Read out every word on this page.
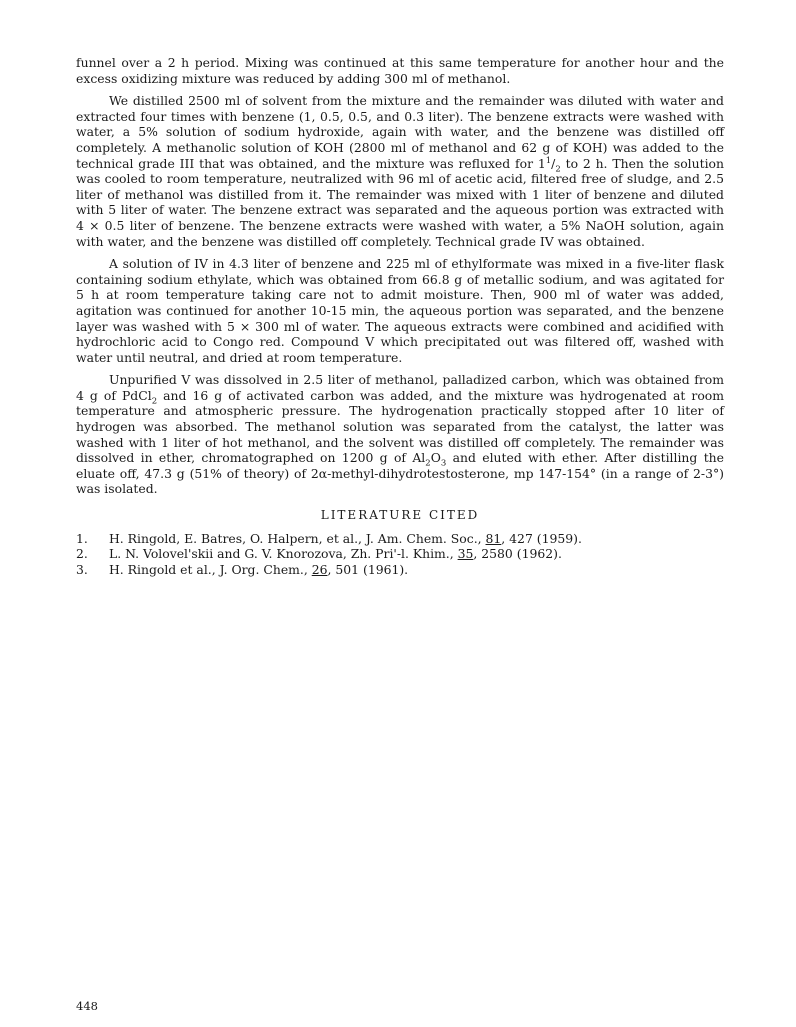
funnel over a 2 h period. Mixing was continued at this same temperature for another hour and the excess oxidizing mixture was reduced by adding 300 ml of methanol.

We distilled 2500 ml of solvent from the mixture and the remainder was diluted with water and extracted four times with benzene (1, 0.5, 0.5, and 0.3 liter). The benzene extracts were washed with water, a 5% solution of sodium hydroxide, again with water, and the benzene was distilled off completely. A methanolic solution of KOH (2800 ml of methanol and 62 g of KOH) was added to the technical grade III that was obtained, and the mixture was refluxed for $1^1/_2$ to 2 h. Then the solution was cooled to room temperature, neutralized with 96 ml of acetic acid, filtered free of sludge, and 2.5 liter of methanol was distilled from it. The remainder was mixed with 1 liter of benzene and diluted with 5 liter of water. The benzene extract was separated and the aqueous portion was extracted with 4 × 0.5 liter of benzene. The benzene extracts were washed with water, a 5% NaOH solution, again with water, and the benzene was distilled off completely. Technical grade IV was obtained.

A solution of IV in 4.3 liter of benzene and 225 ml of ethylformate was mixed in a five-liter flask containing sodium ethylate, which was obtained from 66.8 g of metallic sodium, and was agitated for 5 h at room temperature taking care not to admit moisture. Then, 900 ml of water was added, agitation was continued for another 10-15 min, the aqueous portion was separated, and the benzene layer was washed with 5 × 300 ml of water. The aqueous extracts were combined and acidified with hydrochloric acid to Congo red. Compound V which precipitated out was filtered off, washed with water until neutral, and dried at room temperature.

Unpurified V was dissolved in 2.5 liter of methanol, palladized carbon, which was obtained from 4 g of PdCl$_2$ and 16 g of activated carbon was added, and the mixture was hydrogenated at room temperature and atmospheric pressure. The hydrogenation practically stopped after 10 liter of hydrogen was absorbed. The methanol solution was separated from the catalyst, the latter was washed with 1 liter of hot methanol, and the solvent was distilled off completely. The remainder was dissolved in ether, chromatographed on 1200 g of $Al_2O_3$ and eluted with ether. After distilling the eluate off, 47.3 g (51% of theory) of 2α-methyl-dihydrotestosterone, mp 147-154° (in a range of 2-3°) was isolated.

LITERATURE CITED
1.	H. Ringold, E. Batres, O. Halpern, et al., J. Am. Chem. Soc., 81, 427 (1959).
2.	L. N. Volovel'skii and G. V. Knorozova, Zh. Pri'-l. Khim., 35, 2580 (1962).
3.	H. Ringold et al., J. Org. Chem., 26, 501 (1961).
448
